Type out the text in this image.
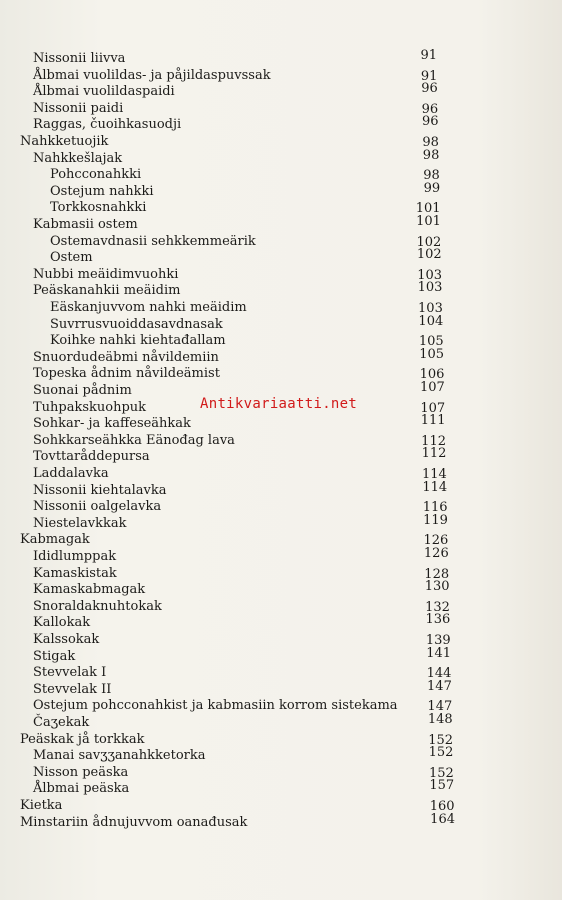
Nissonii liivva	91
Ålbmai vuolildas- ja påjildaspuvssak	91
Ålbmai vuolildaspaidi	96
Nissonii paidi	96
Raggas, čuoihkasuodji	96
Nahkketuojik	98
Nahkkešlajak	98
Pohcconahkki	98
Ostejum nahkki	99
Torkkosnahkki	101
Kabmasii ostem	101
Ostemavdnasii sehkkemmeärik	102
Ostem	102
Nubbi meäidimvuohki	103
Peäskanahkii meäidim	103
Eäskanjuvvom nahki meäidim	103
Suvrrusvuoiddasavdnasak	104
Koihke nahki kiehtađallam	105
Snuordudeäbmi nåvildemiin	105
Topeska ådnim nåvildeämist	106
Suonai pådnim	107
Tuhpakskuohpuk	107
Sohkar- ja kaffeseähkak	111
Sohkkarseähkka Eänođag lava	112
Tovttaråddepursa	112
Laddalavka	114
Nissonii kiehtalavka	114
Nissonii oalgelavka	116
Niestelavkkak	119
Kabmagak	126
Ididlumppak	126
Kamaskistak	128
Kamaskabmagak	130
Snoraldaknuhtokak	132
Kallokak	136
Kalssokak	139
Stigak	141
Stevvelak I	144
Stevvelak II	147
Ostejum pohcconahkist ja kabmasiin korrom sistekama	147
Čaʒekak	148
Peäskak jå torkkak	152
Manai savʒʒanahkketorka	152
Nisson peäska	152
Ålbmai peäska	157
Kietka	160
Minstariin ådnujuvvom oanađusak	164
Antikvariaatti.net
